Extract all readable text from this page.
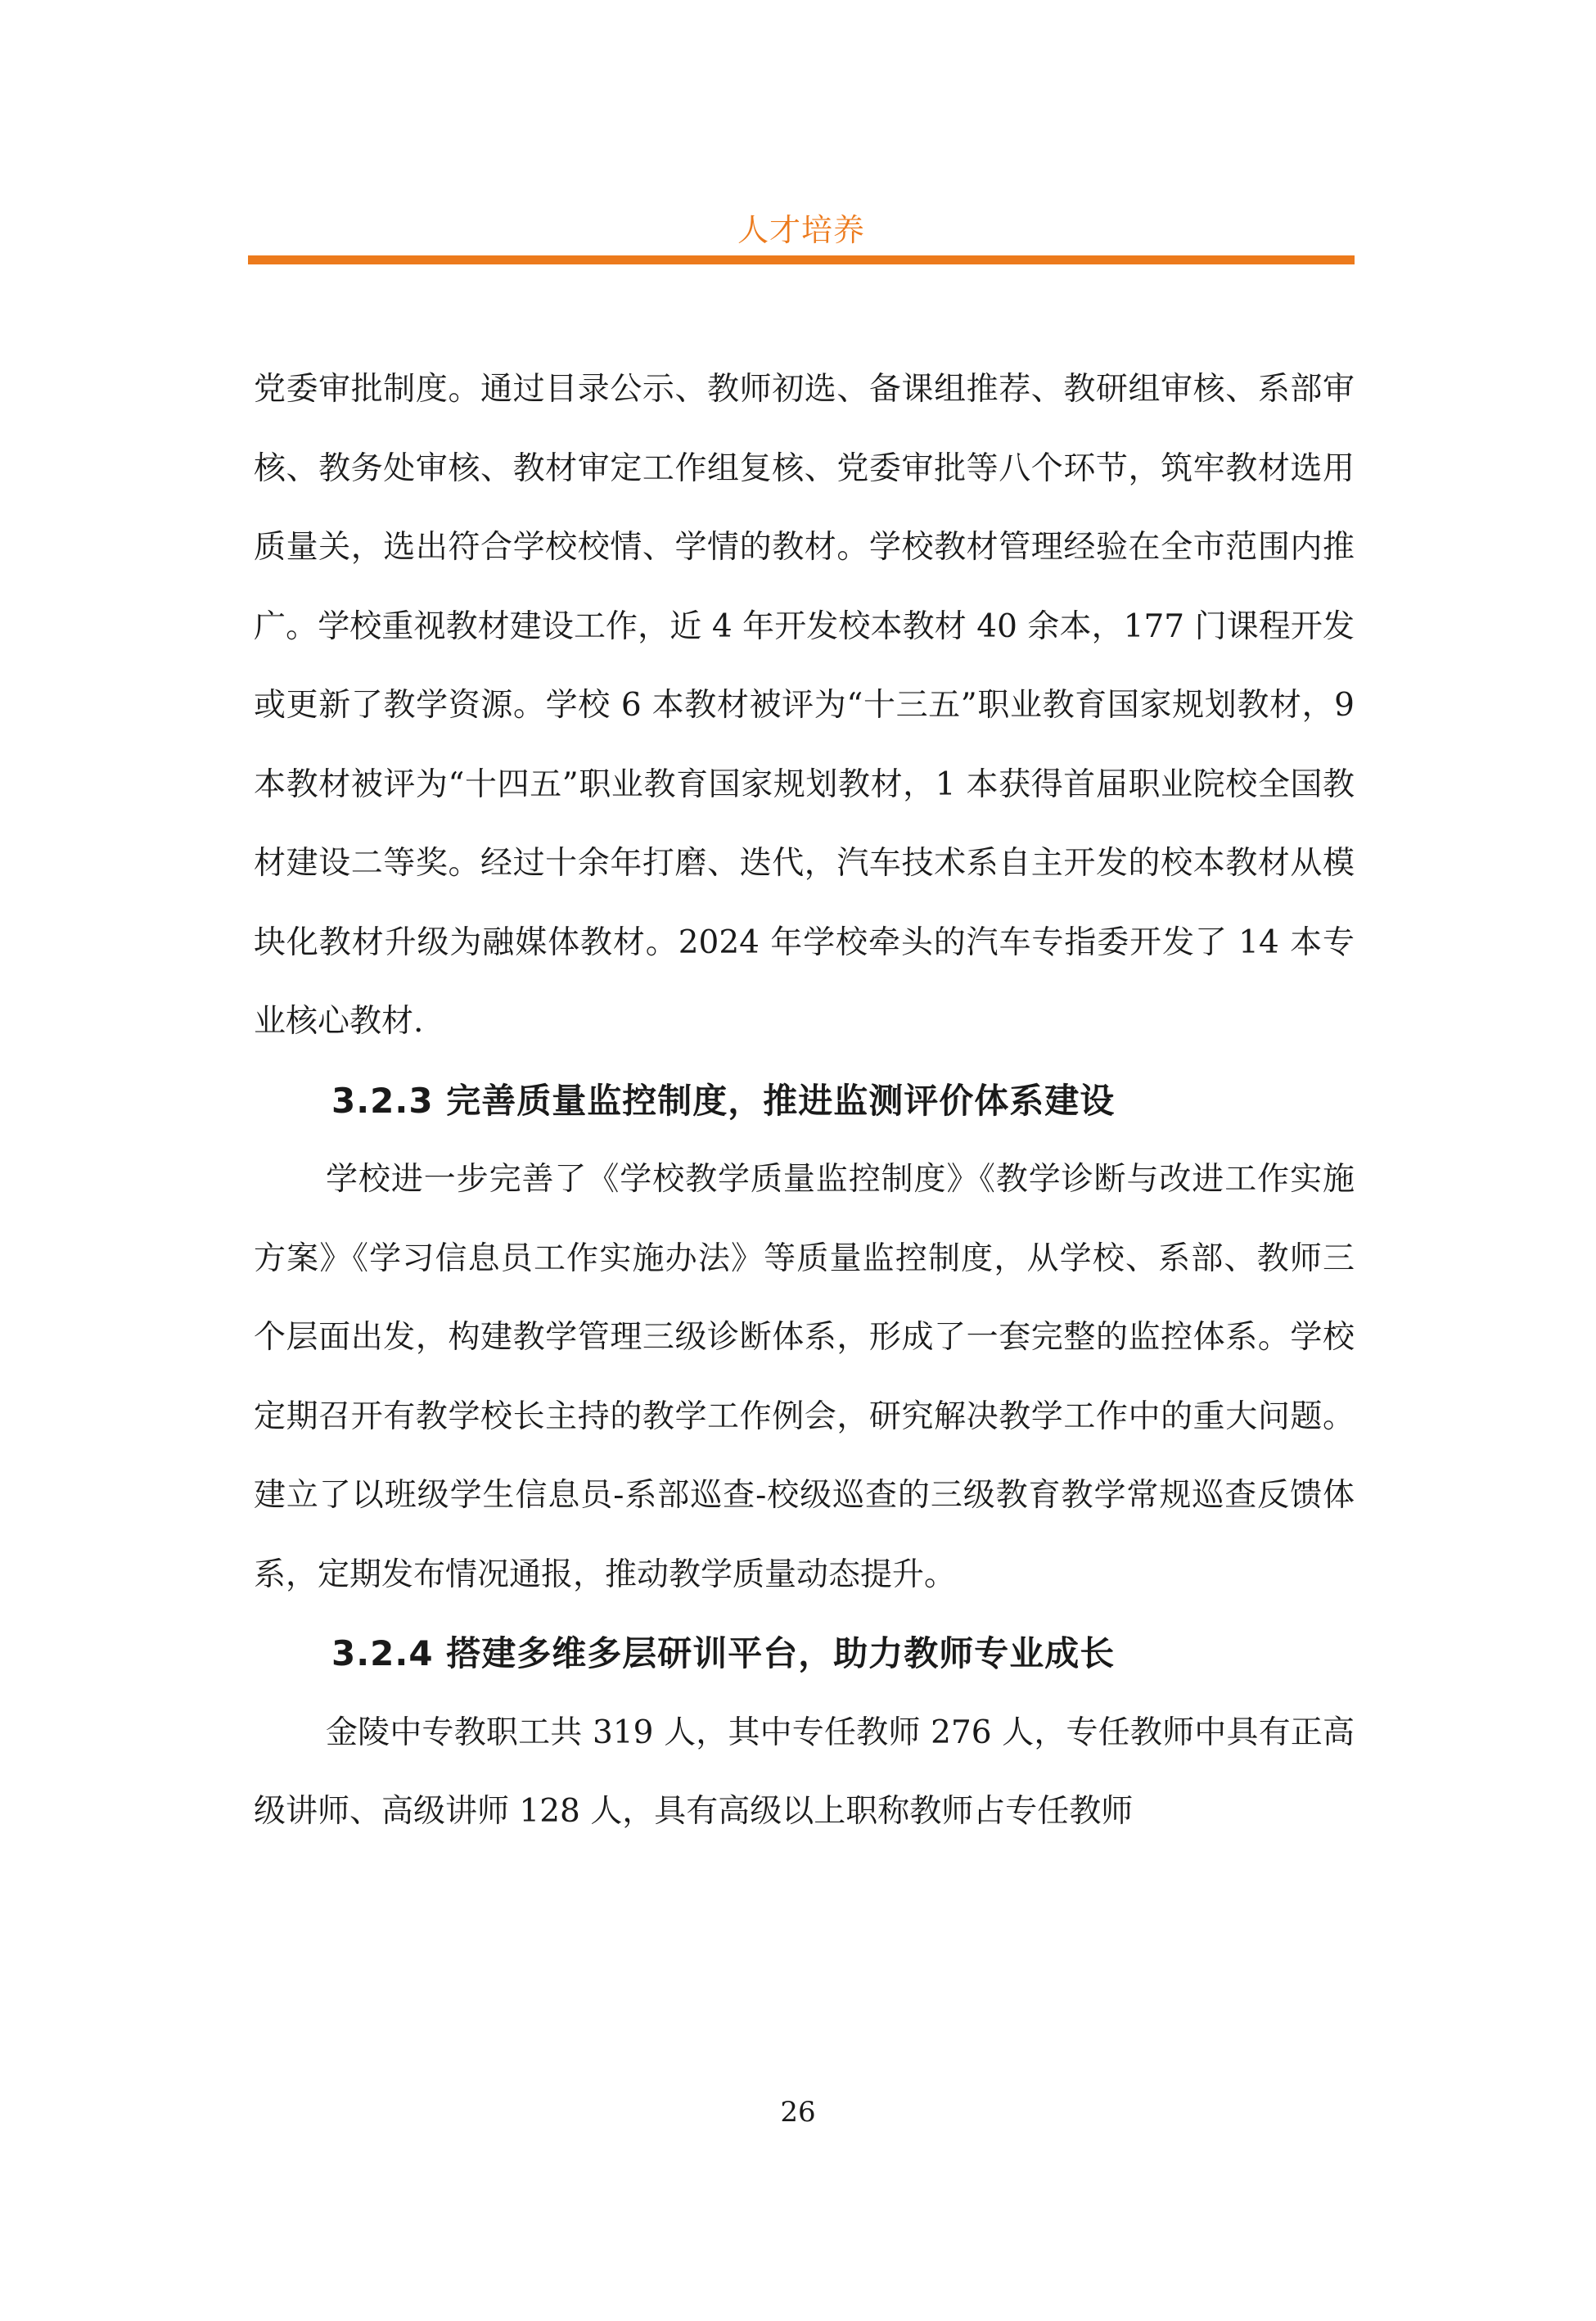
人才培养

党委审批制度。通过目录公示、教师初选、备课组推荐、教研组审核、系部审核、教务处审核、教材审定工作组复核、党委审批等八个环节，筑牢教材选用质量关，选出符合学校校情、学情的教材。学校教材管理经验在全市范围内推广。学校重视教材建设工作，近 4 年开发校本教材 40 余本，177 门课程开发或更新了教学资源。学校 6 本教材被评为“十三五”职业教育国家规划教材，9 本教材被评为“十四五”职业教育国家规划教材，1 本获得首届职业院校全国教材建设二等奖。经过十余年打磨、迭代，汽车技术系自主开发的校本教材从模块化教材升级为融媒体教材。2024 年学校牵头的汽车专指委开发了 14 本专业核心教材.

3.2.3 完善质量监控制度，推进监测评价体系建设

学校进一步完善了《学校教学质量监控制度》《教学诊断与改进工作实施方案》《学习信息员工作实施办法》等质量监控制度，从学校、系部、教师三个层面出发，构建教学管理三级诊断体系，形成了一套完整的监控体系。学校定期召开有教学校长主持的教学工作例会，研究解决教学工作中的重大问题。建立了以班级学生信息员-系部巡查-校级巡查的三级教育教学常规巡查反馈体系，定期发布情况通报，推动教学质量动态提升。

3.2.4 搭建多维多层研训平台，助力教师专业成长

金陵中专教职工共 319 人，其中专任教师 276 人，专任教师中具有正高级讲师、高级讲师 128 人，具有高级以上职称教师占专任教师

26
